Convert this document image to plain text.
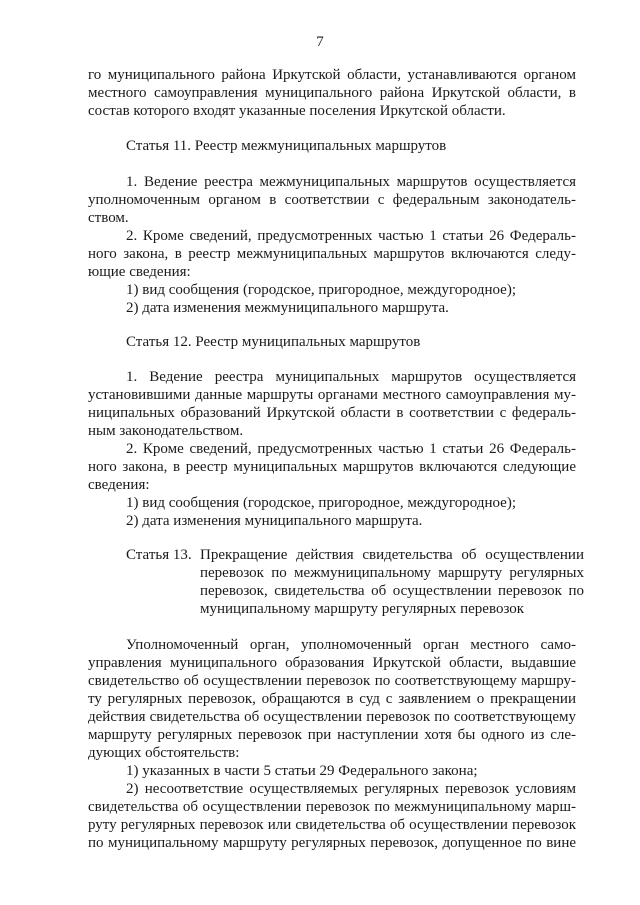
7
го муниципального района Иркутской области, устанавливаются органом
местного самоуправления муниципального района Иркутской области, в
состав которого входят указанные поселения Иркутской области.
Статья 11. Реестр межмуниципальных маршрутов
1. Ведение реестра межмуниципальных маршрутов осуществляется
уполномоченным органом в соответствии с федеральным законодатель-
ством.
2. Кроме сведений, предусмотренных частью 1 статьи 26 Федераль-
ного закона, в реестр межмуниципальных маршрутов включаются следу-
ющие сведения:
1) вид сообщения (городское, пригородное, междугородное);
2) дата изменения межмуниципального маршрута.
Статья 12. Реестр муниципальных маршрутов
1. Ведение реестра муниципальных маршрутов осуществляется
установившими данные маршруты органами местного самоуправления му-
ниципальных образований Иркутской области в соответствии с федераль-
ным законодательством.
2. Кроме сведений, предусмотренных частью 1 статьи 26 Федераль-
ного закона, в реестр муниципальных маршрутов включаются следующие
сведения:
1) вид сообщения (городское, пригородное, междугородное);
2) дата изменения муниципального маршрута.
Статья 13. Прекращение действия свидетельства об осуществлении
перевозок по межмуниципальному маршруту регулярных
перевозок, свидетельства об осуществлении перевозок по
муниципальному маршруту регулярных перевозок
Уполномоченный орган, уполномоченный орган местного само-
управления муниципального образования Иркутской области, выдавшие
свидетельство об осуществлении перевозок по соответствующему маршру-
ту регулярных перевозок, обращаются в суд с заявлением о прекращении
действия свидетельства об осуществлении перевозок по соответствующему
маршруту регулярных перевозок при наступлении хотя бы одного из сле-
дующих обстоятельств:
1) указанных в части 5 статьи 29 Федерального закона;
2) несоответствие осуществляемых регулярных перевозок условиям
свидетельства об осуществлении перевозок по межмуниципальному марш-
руту регулярных перевозок или свидетельства об осуществлении перевозок
по муниципальному маршруту регулярных перевозок, допущенное по вине
